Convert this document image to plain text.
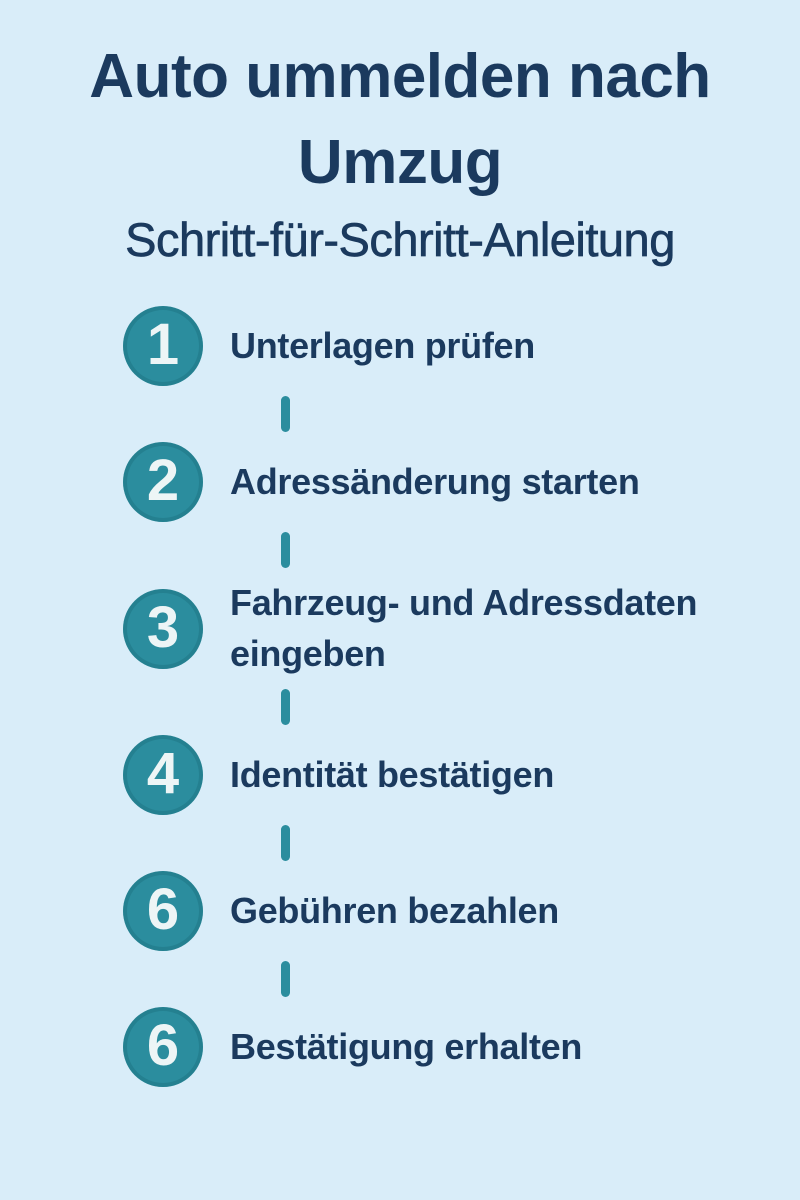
Auto ummelden nach Umzug
Schritt-für-Schritt-Anleitung
1 Unterlagen prüfen
2 Adressänderung starten
3 Fahrzeug- und Adressdaten eingeben
4 Identität bestätigen
6 Gebühren bezahlen
6 Bestätigung erhalten
